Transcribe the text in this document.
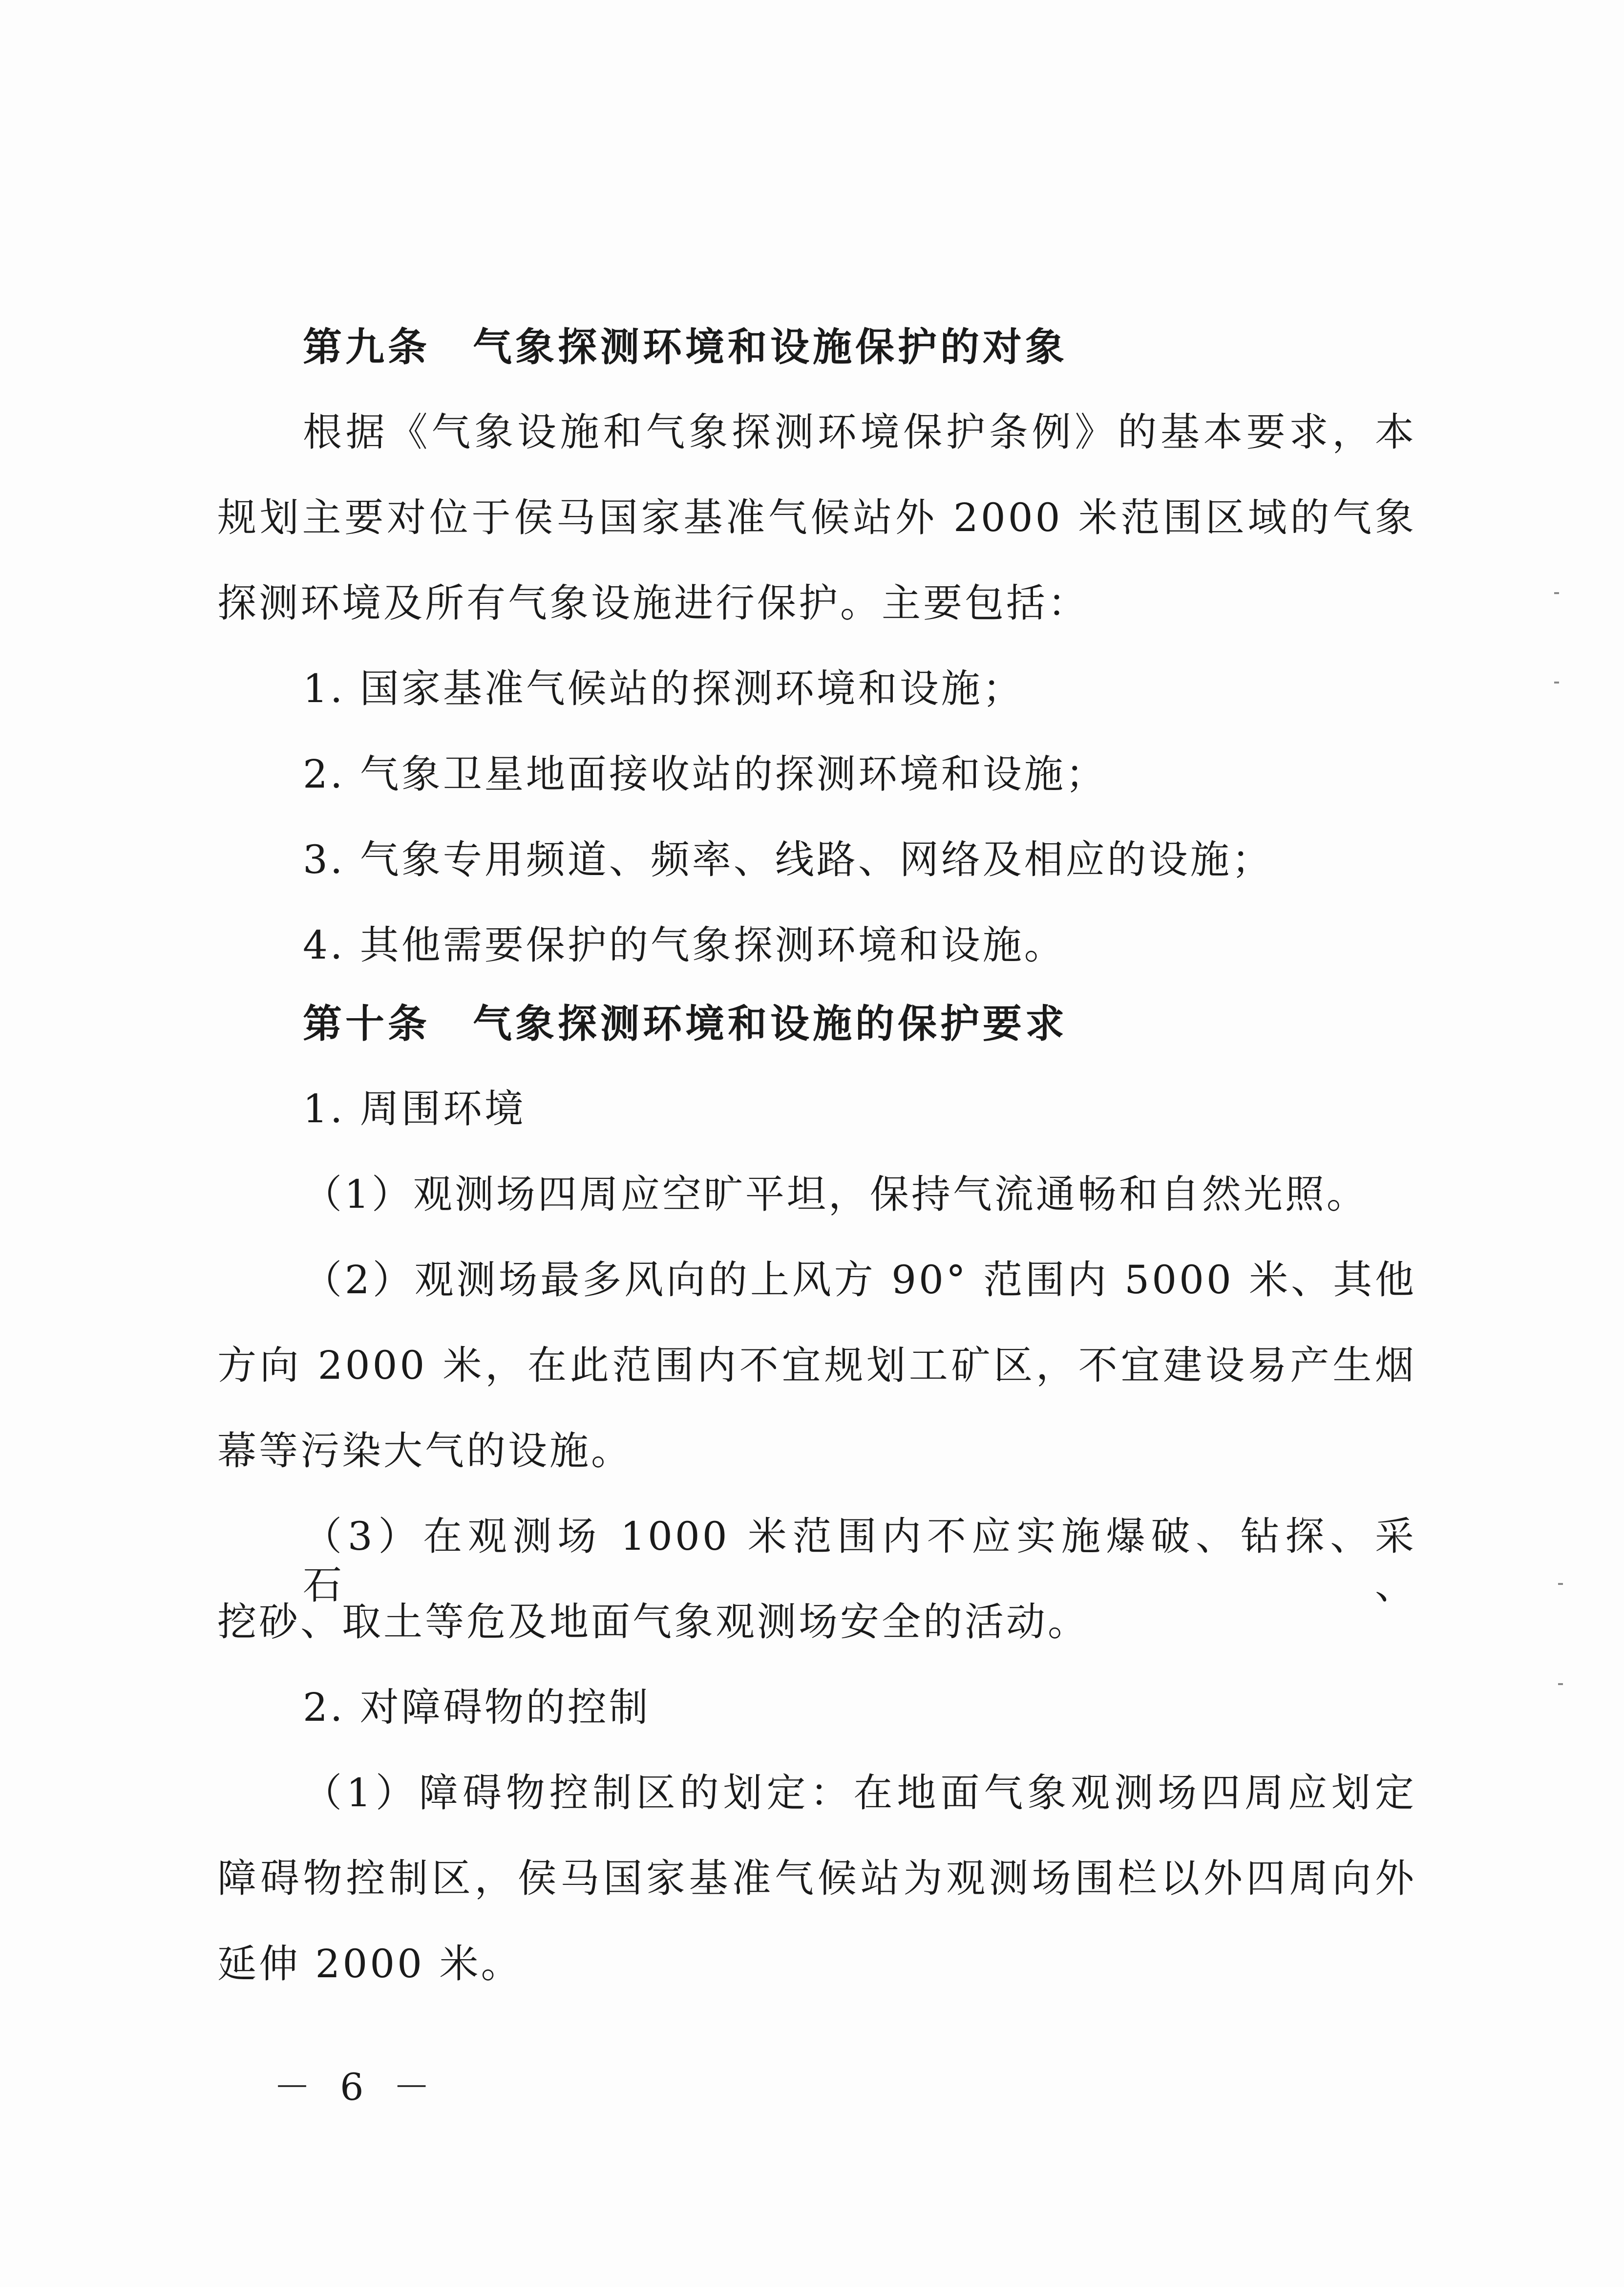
第九条　气象探测环境和设施保护的对象
根据《气象设施和气象探测环境保护条例》的基本要求，本
规划主要对位于侯马国家基准气候站外 2000 米范围区域的气象
探测环境及所有气象设施进行保护。主要包括：
1. 国家基准气候站的探测环境和设施；
2. 气象卫星地面接收站的探测环境和设施；
3. 气象专用频道、频率、线路、网络及相应的设施；
4. 其他需要保护的气象探测环境和设施。
第十条　气象探测环境和设施的保护要求
1. 周围环境
（1）观测场四周应空旷平坦，保持气流通畅和自然光照。
（2）观测场最多风向的上风方 90° 范围内 5000 米、其他
方向 2000 米，在此范围内不宜规划工矿区，不宜建设易产生烟
幕等污染大气的设施。
（3）在观测场 1000 米范围内不应实施爆破、钻探、采石、
挖砂、取土等危及地面气象观测场安全的活动。
2. 对障碍物的控制
（1）障碍物控制区的划定：在地面气象观测场四周应划定
障碍物控制区，侯马国家基准气候站为观测场围栏以外四周向外
延伸 2000 米。
－ 6 －
